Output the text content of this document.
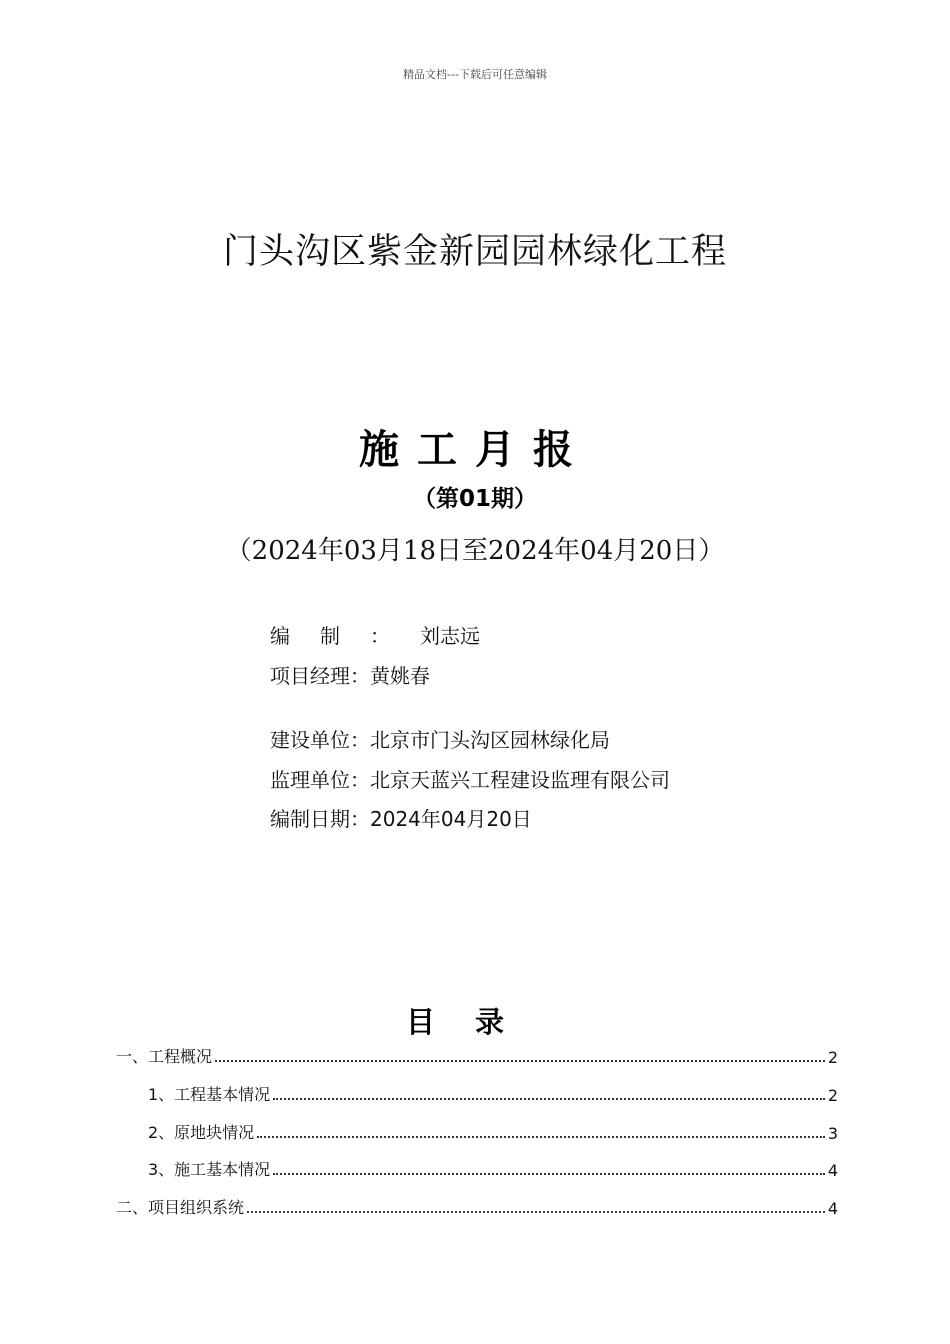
精品文档---下载后可任意编辑
门头沟区紫金新园园林绿化工程
施工月报
（第01期）
（2024年03月18日至2024年04月20日）
编制：刘志远
项目经理：黄姚春
建设单位：北京市门头沟区园林绿化局
监理单位：北京天蓝兴工程建设监理有限公司
编制日期：2024年04月20日
目录
一、工程概况	2
1、工程基本情况	2
2、原地块情况	3
3、施工基本情况	4
二、项目组织系统	4
